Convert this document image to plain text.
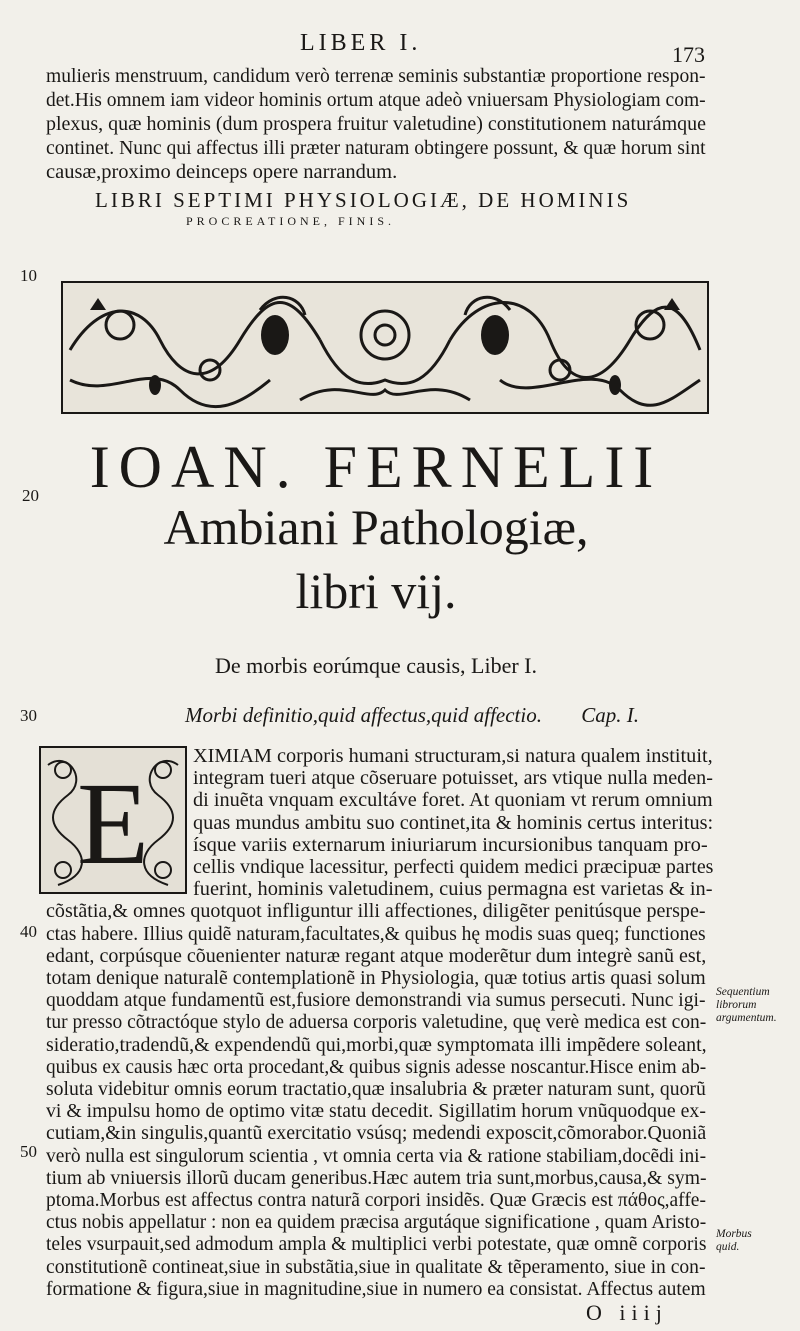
LIBER I.	173
mulieris menstruum, candidum verò terrenæ seminis substantiæ proportione respon-
det.His omnem iam videor hominis ortum atque adeò vniuersam Physiologiam com-
plexus, quæ hominis (dum prospera fruitur valetudine) constitutionem naturámque
continet. Nunc qui affectus illi præter naturam obtingere possunt, & quæ horum sint
causæ,proximo deinceps opere narrandum.
LIBRI SEPTIMI PHYSIOLOGIÆ, DE HOMINIS
PROCREATIONE, FINIS.
10
20
30
40
50
IOAN. FERNELII
Ambiani Pathologiæ,
libri vij.
De morbis eorúmque causis, Liber I.
Morbi definitio,quid affectus,quid affectio. Cap. I.
E
XIMIAM corporis humani structuram,si natura qualem instituit,
integram tueri atque cõseruare potuisset, ars vtique nulla meden-
di inuẽta vnquam excultáve foret. At quoniam vt rerum omnium
quas mundus ambitu suo continet,ita & hominis certus interitus:
ísque variis externarum iniuriarum incursionibus tanquam pro-
cellis vndique lacessitur, perfecti quidem medici præcipuæ partes
fuerint, hominis valetudinem, cuius permagna est varietas & in-
cõstãtia,& omnes quotquot infliguntur illi affectiones, diligẽter penitúsque perspe-
ctas habere. Illius quidẽ naturam,facultates,& quibus hę modis suas queq; functiones
edant, corpúsque cõuenienter naturæ regant atque moderẽtur dum integrè sanũ est,
totam denique naturalẽ contemplationẽ in Physiologia, quæ totius artis quasi solum
quoddam atque fundamentũ est,fusiore demonstrandi via sumus persecuti. Nunc igi-
tur presso cõtractóque stylo de aduersa corporis valetudine, quę verè medica est con-
sideratio,tradendũ,& expendendũ qui,morbi,quæ symptomata illi impẽdere soleant,
quibus ex causis hæc orta procedant,& quibus signis adesse noscantur.Hisce enim ab-
soluta videbitur omnis eorum tractatio,quæ insalubria & præter naturam sunt, quorũ
vi & impulsu homo de optimo vitæ statu decedit. Sigillatim horum vnũquodque ex-
cutiam,&in singulis,quantũ exercitatio vsúsq; medendi exposcit,cõmorabor.Quoniã
verò nulla est singulorum scientia , vt omnia certa via & ratione stabiliam,docẽdi ini-
tium ab vniuersis illorũ ducam generibus.Hæc autem tria sunt,morbus,causa,& sym-
ptoma.Morbus est affectus contra naturã corpori insidẽs. Quæ Græcis est πάθος,affe-
ctus nobis appellatur : non ea quidem præcisa argutáque significatione , quam Aristo-
teles vsurpauit,sed admodum ampla & multiplici verbi potestate, quæ omnẽ corporis
constitutionẽ contineat,siue in substãtia,siue in qualitate & tẽperamento, siue in con-
formatione & figura,siue in magnitudine,siue in numero ea consistat. Affectus autem
Sequentium
librorum
argumentum.
Morbus
quid.
O iiij
